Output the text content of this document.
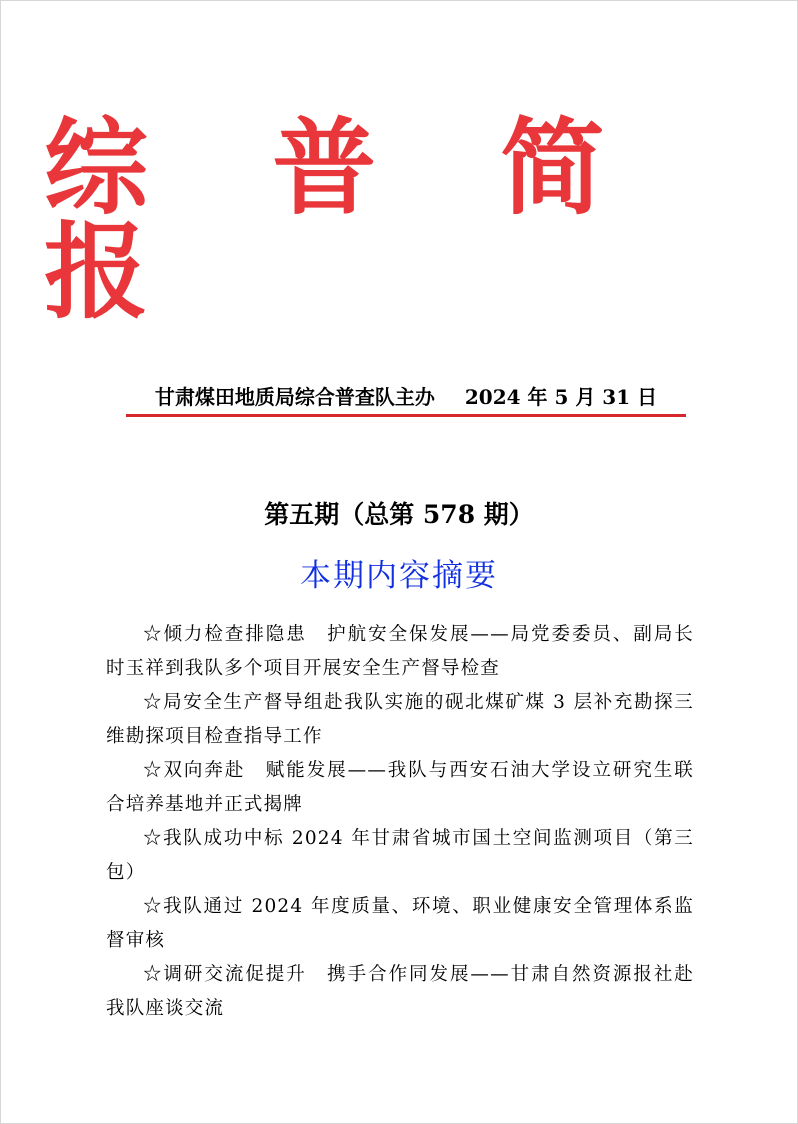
综 普 简 报
甘肃煤田地质局综合普查队主办 2024 年 5 月 31 日
第五期（总第 578 期）
本期内容摘要
☆倾力检查排隐患　护航安全保发展——局党委委员、副局长时玉祥到我队多个项目开展安全生产督导检查
☆局安全生产督导组赴我队实施的砚北煤矿煤 3 层补充勘探三维勘探项目检查指导工作
☆双向奔赴　赋能发展——我队与西安石油大学设立研究生联合培养基地并正式揭牌
☆我队成功中标 2024 年甘肃省城市国土空间监测项目（第三包）
☆我队通过 2024 年度质量、环境、职业健康安全管理体系监督审核
☆调研交流促提升　携手合作同发展——甘肃自然资源报社赴我队座谈交流
